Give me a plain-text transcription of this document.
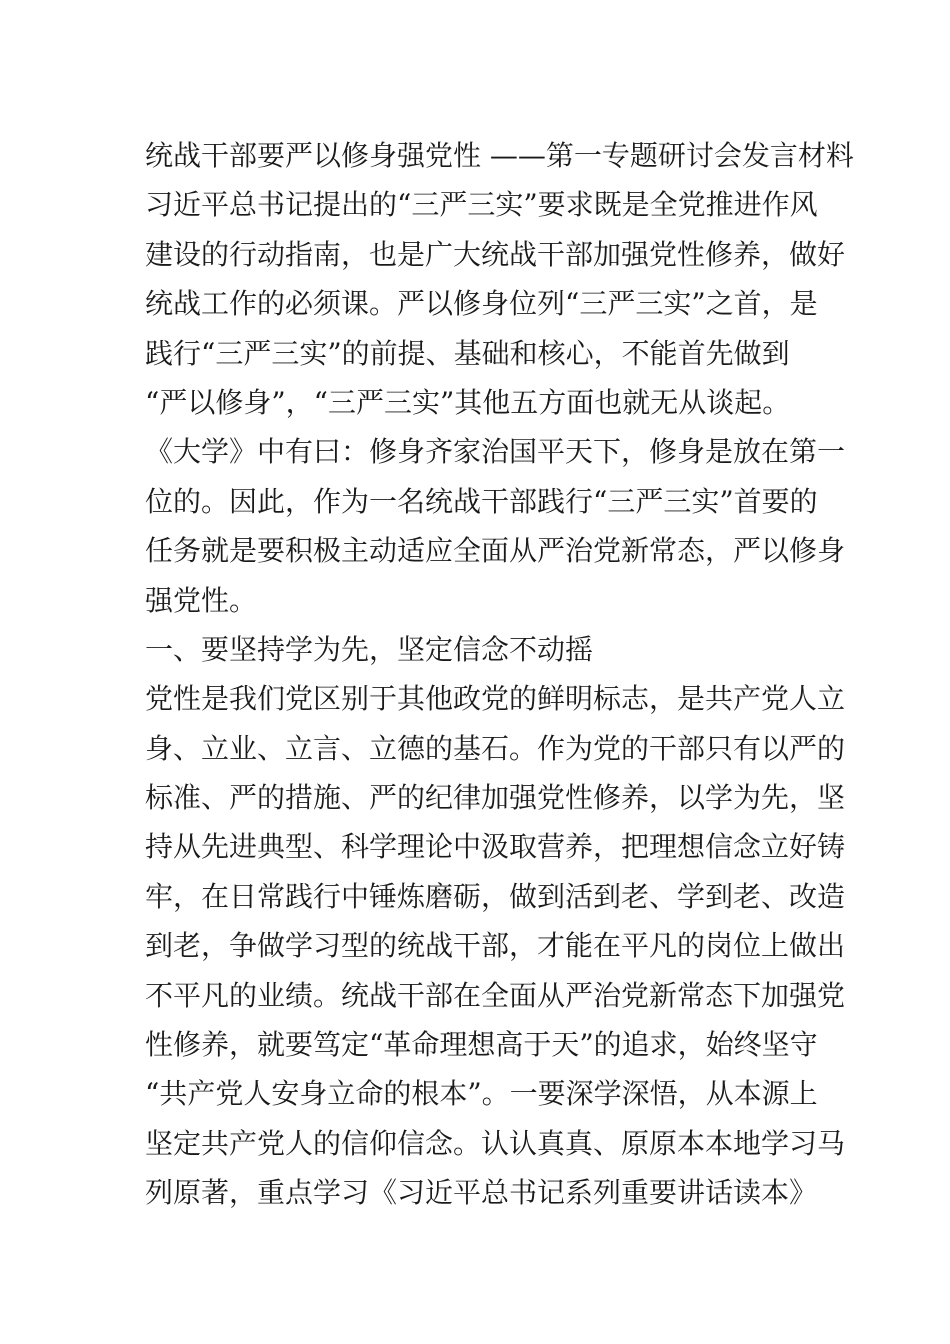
统战干部要严以修身强党性 ——第一专题研讨会发言材料
习近平总书记提出的“三严三实”要求既是全党推进作风
建设的行动指南，也是广大统战干部加强党性修养，做好
统战工作的必须课。严以修身位列“三严三实”之首，是
践行“三严三实”的前提、基础和核心，不能首先做到
“严以修身”，“三严三实”其他五方面也就无从谈起。
《大学》中有曰：修身齐家治国平天下，修身是放在第一
位的。因此，作为一名统战干部践行“三严三实”首要的
任务就是要积极主动适应全面从严治党新常态，严以修身
强党性。
一、要坚持学为先，坚定信念不动摇
党性是我们党区别于其他政党的鲜明标志，是共产党人立
身、立业、立言、立德的基石。作为党的干部只有以严的
标准、严的措施、严的纪律加强党性修养，以学为先，坚
持从先进典型、科学理论中汲取营养，把理想信念立好铸
牢，在日常践行中锤炼磨砺，做到活到老、学到老、改造
到老，争做学习型的统战干部，才能在平凡的岗位上做出
不平凡的业绩。统战干部在全面从严治党新常态下加强党
性修养，就要笃定“革命理想高于天”的追求，始终坚守
“共产党人安身立命的根本”。一要深学深悟，从本源上
坚定共产党人的信仰信念。认认真真、原原本本地学习马
列原著，重点学习《习近平总书记系列重要讲话读本》
